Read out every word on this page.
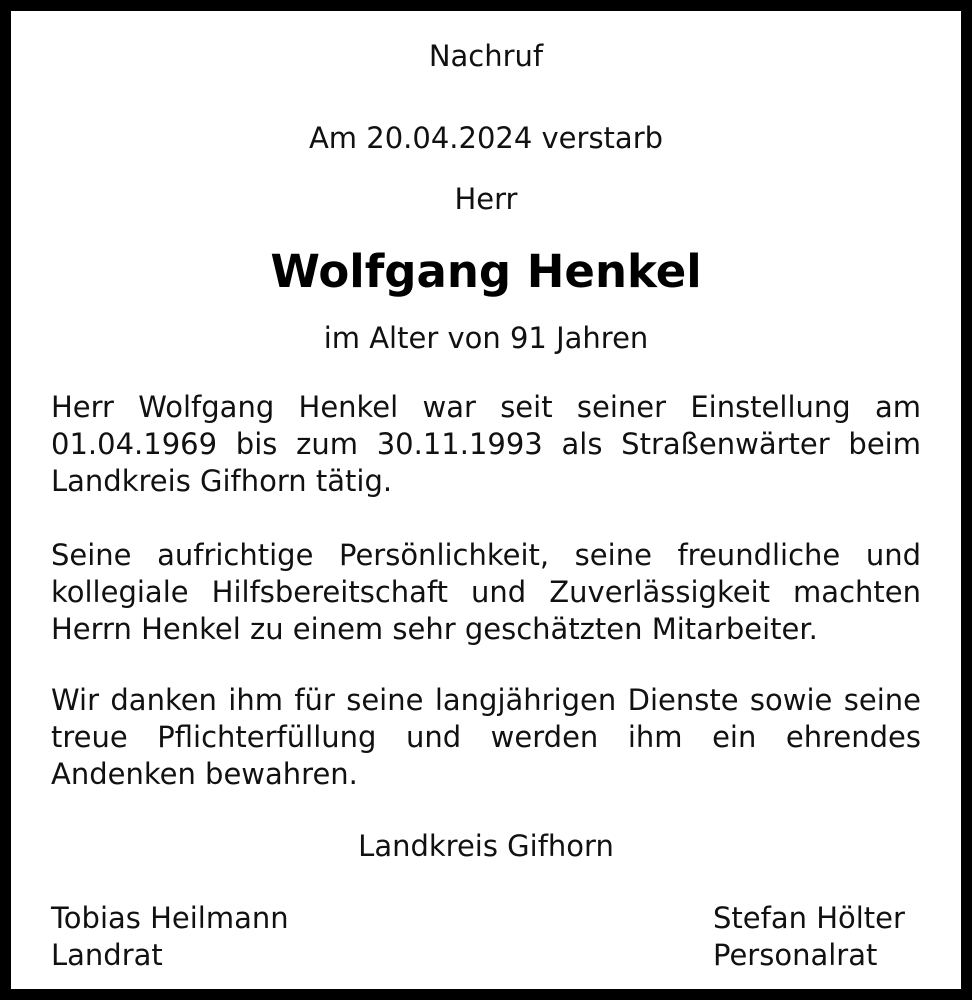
Nachruf
Am 20.04.2024 verstarb
Herr
Wolfgang Henkel
im Alter von 91 Jahren

Herr Wolfgang Henkel war seit seiner Einstellung am 01.04.1969 bis zum 30.11.1993 als Straßenwärter beim Landkreis Gifhorn tätig.

Seine aufrichtige Persönlichkeit, seine freundliche und kollegiale Hilfsbereitschaft und Zuverlässigkeit machten Herrn Henkel zu einem sehr geschätzten Mitarbeiter.

Wir danken ihm für seine langjährigen Dienste sowie seine treue Pflichterfüllung und werden ihm ein ehrendes Andenken bewahren.

Landkreis Gifhorn
Tobias Heilmann
Landrat
Stefan Hölter
Personalrat
